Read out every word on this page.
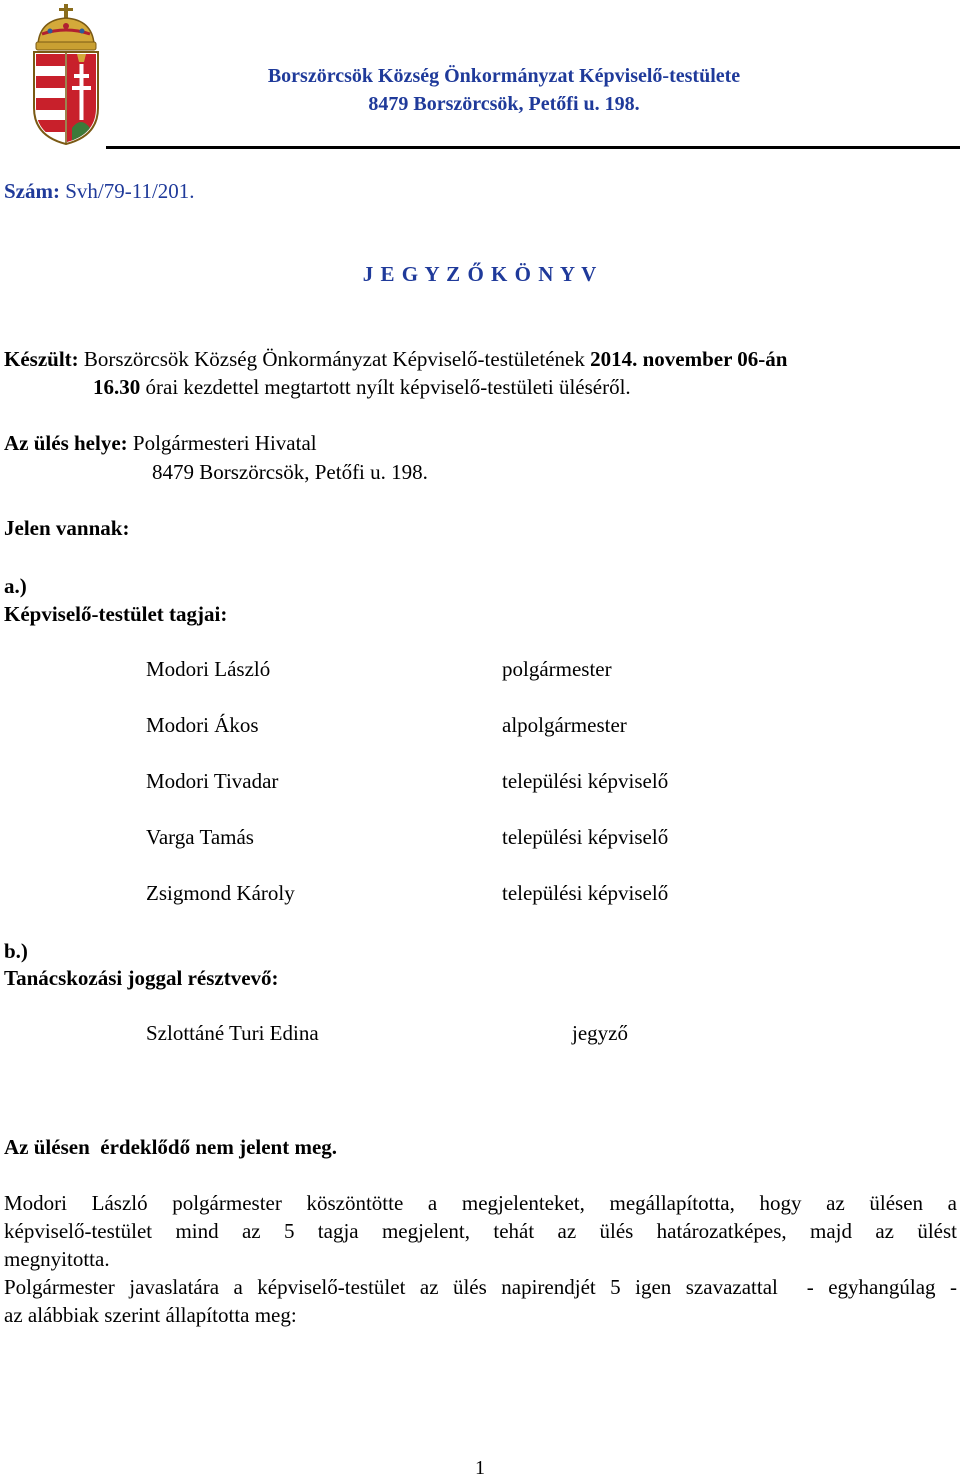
Borszörcsök Község Önkormányzat Képviselő-testülete
8479 Borszörcsök, Petőfi u. 198.
Szám: Svh/79-11/201.
J E G Y Z Ő K Ö N Y V
Készült: Borszörcsök Község Önkormányzat Képviselő-testületének 2014. november 06-án
16.30 órai kezdettel megtartott nyílt képviselő-testületi üléséről.
Az ülés helye: Polgármesteri Hivatal
8479 Borszörcsök, Petőfi u. 198.
Jelen vannak:
a.)
Képviselő-testület tagjai:
Modori László	polgármester
Modori Ákos	alpolgármester
Modori Tivadar	települési képviselő
Varga Tamás	települési képviselő
Zsigmond Károly	települési képviselő
b.)
Tanácskozási joggal résztvevő:
Szlottáné Turi Edina	jegyző
Az ülésen  érdeklődő nem jelent meg.
Modori László polgármester köszöntötte a megjelenteket, megállapította, hogy az ülésen a
képviselő-testület mind az 5 tagja megjelent, tehát az ülés határozatképes, majd az ülést
megnyitotta.
Polgármester javaslatára a képviselő-testület az ülés napirendjét 5 igen szavazattal  - egyhangúlag -
az alábbiak szerint állapította meg:
1
